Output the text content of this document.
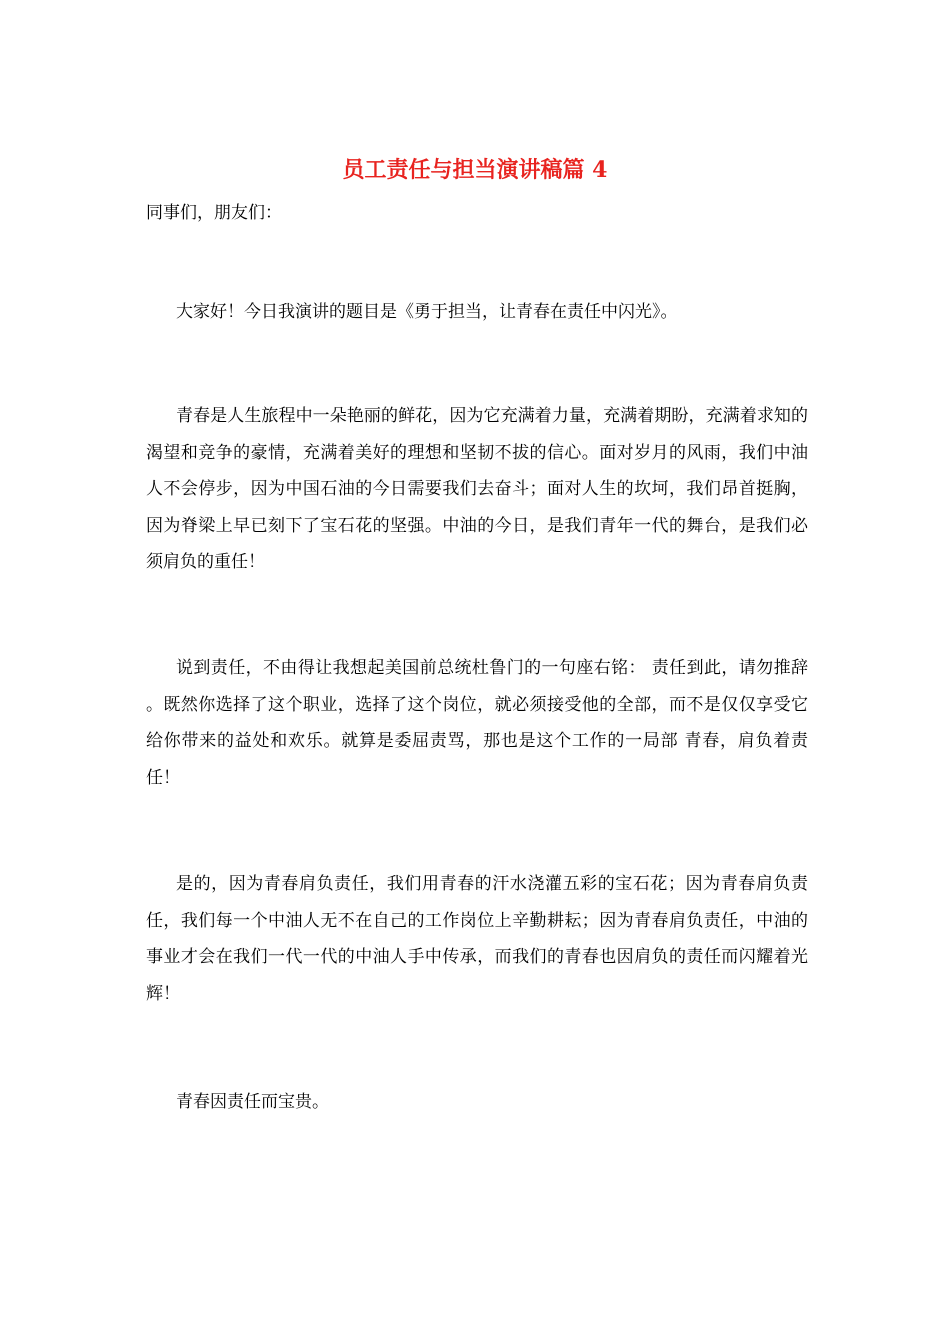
员工责任与担当演讲稿篇 4
同事们，朋友们：

大家好！今日我演讲的题目是《勇于担当，让青春在责任中闪光》。

青春是人生旅程中一朵艳丽的鲜花，因为它充满着力量，充满着期盼，充满着求知的渴望和竞争的豪情，充满着美好的理想和坚韧不拔的信心。面对岁月的风雨，我们中油人不会停步，因为中国石油的今日需要我们去奋斗；面对人生的坎坷，我们昂首挺胸，因为脊梁上早已刻下了宝石花的坚强。中油的今日，是我们青年一代的舞台，是我们必须肩负的重任！

说到责任，不由得让我想起美国前总统杜鲁门的一句座右铭： 责任到此，请勿推辞 。既然你选择了这个职业，选择了这个岗位，就必须接受他的全部，而不是仅仅享受它给你带来的益处和欢乐。就算是委屈责骂，那也是这个工作的一局部 青春，肩负着责任！

是的，因为青春肩负责任，我们用青春的汗水浇灌五彩的宝石花；因为青春肩负责任，我们每一个中油人无不在自己的工作岗位上辛勤耕耘；因为青春肩负责任，中油的事业才会在我们一代一代的中油人手中传承，而我们的青春也因肩负的责任而闪耀着光辉！

青春因责任而宝贵。
